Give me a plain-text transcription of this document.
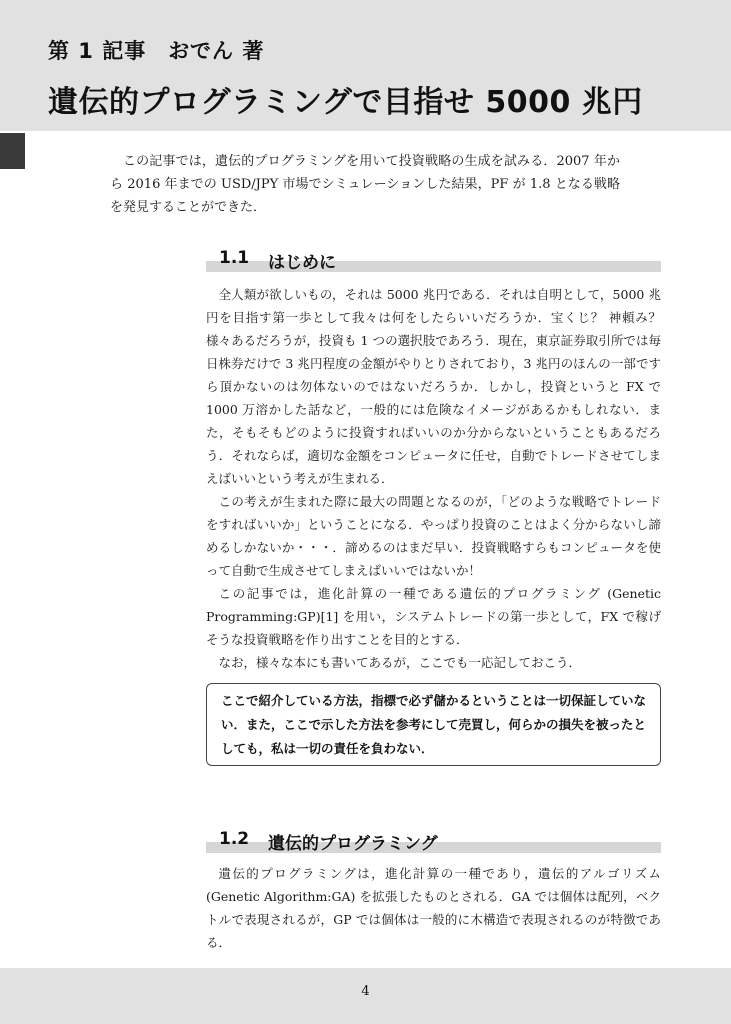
第 1 記事　おでん 著
遺伝的プログラミングで目指せ 5000 兆円

この記事では，遺伝的プログラミングを用いて投資戦略の生成を試みる．2007 年から 2016 年までの USD/JPY 市場でシミュレーションした結果，PF が 1.8 となる戦略を発見することができた．

1.1 はじめに

全人類が欲しいもの，それは 5000 兆円である．それは自明として，5000 兆円を目指す第一歩として我々は何をしたらいいだろうか．宝くじ？ 神頼み？ 様々あるだろうが，投資も 1 つの選択肢であろう．現在，東京証券取引所では毎日株券だけで 3 兆円程度の金額がやりとりされており，3 兆円のほんの一部ですら頂かないのは勿体ないのではないだろうか．しかし，投資というと FX で 1000 万溶かした話など，一般的には危険なイメージがあるかもしれない．また，そもそもどのように投資すればいいのか分からないということもあるだろう．それならば，適切な金額をコンピュータに任せ，自動でトレードさせてしまえばいいという考えが生まれる．

この考えが生まれた際に最大の問題となるのが，「どのような戦略でトレードをすればいいか」ということになる．やっぱり投資のことはよく分からないし諦めるしかないか・・・．諦めるのはまだ早い．投資戦略すらもコンピュータを使って自動で生成させてしまえばいいではないか！

この記事では，進化計算の一種である遺伝的プログラミング (Genetic Programming:GP)[1] を用い，システムトレードの第一歩として，FX で稼げそうな投資戦略を作り出すことを目的とする．

なお，様々な本にも書いてあるが，ここでも一応記しておこう．

ここで紹介している方法，指標で必ず儲かるということは一切保証していない．また，ここで示した方法を参考にして売買し，何らかの損失を被ったとしても，私は一切の責任を負わない．
1.2 遺伝的プログラミング

遺伝的プログラミングは，進化計算の一種であり，遺伝的アルゴリズム (Genetic Algorithm:GA) を拡張したものとされる．GA では個体は配列，ベクトルで表現されるが，GP では個体は一般的に木構造で表現されるのが特徴である．

4
